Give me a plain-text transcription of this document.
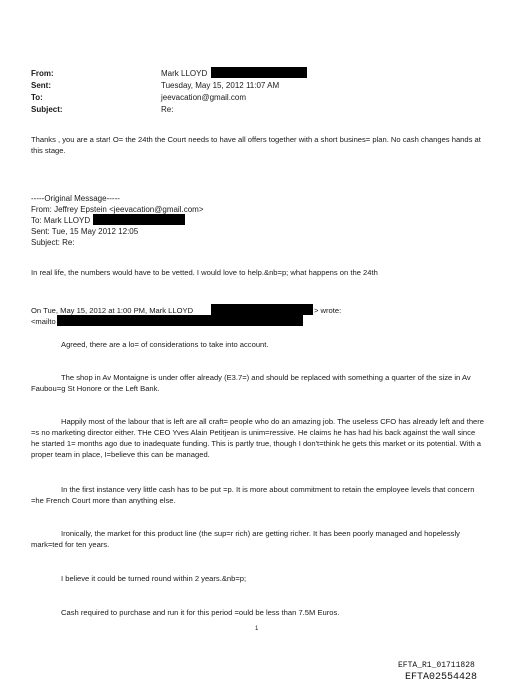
From:	Mark LLOYD
Sent:	Tuesday, May 15, 2012 11:07 AM
To:	jeevacation@gmail.com
Subject:	Re:
Thanks , you are a star! O= the 24th the Court needs to have all offers together with a short busines= plan. No cash changes hands at this stage.
-----Original Message-----
From: Jeffrey Epstein <jeevacation@gmail.com>
To: Mark LLOYD
Sent: Tue, 15 May 2012 12:05
Subject: Re:
In real life, the numbers would have to be vetted. I would love to help.&nb=p; what happens on the 24th
On Tue, May 15, 2012 at 1:00 PM, Mark LLOYD	> wrote:
<mailto
Agreed, there are a lo= of considerations to take into account.
The shop in Av Montaigne is under offer already (E3.7=) and should be replaced with something a quarter of the size in Av Faubou=g St Honore or the Left Bank.
Happily most of the labour that is left are all craft= people who do an amazing job. The useless CFO has already left and there =s no marketing director either. THe CEO Yves Alain Petitjean is unim=ressive. He claims he has had his back against the wall since he started 1= months ago due to inadequate funding. This is partly true, though I don't=think he gets this market or its potential. With a proper team in place, I=believe this can be managed.
In the first instance very little cash has to be put =p. It is more about commitment to retain the employee levels that concern =he French Court more than anything else.
Ironically, the market for this product line (the sup=r rich) are getting richer. It has been poorly managed and hopelessly mark=ted for ten years.
I believe it could be turned round within 2 years.&nb=p;
Cash required to purchase and run it for this period =ould be less than 7.5M Euros.
1
EFTA_R1_01711828
EFTA02554428
